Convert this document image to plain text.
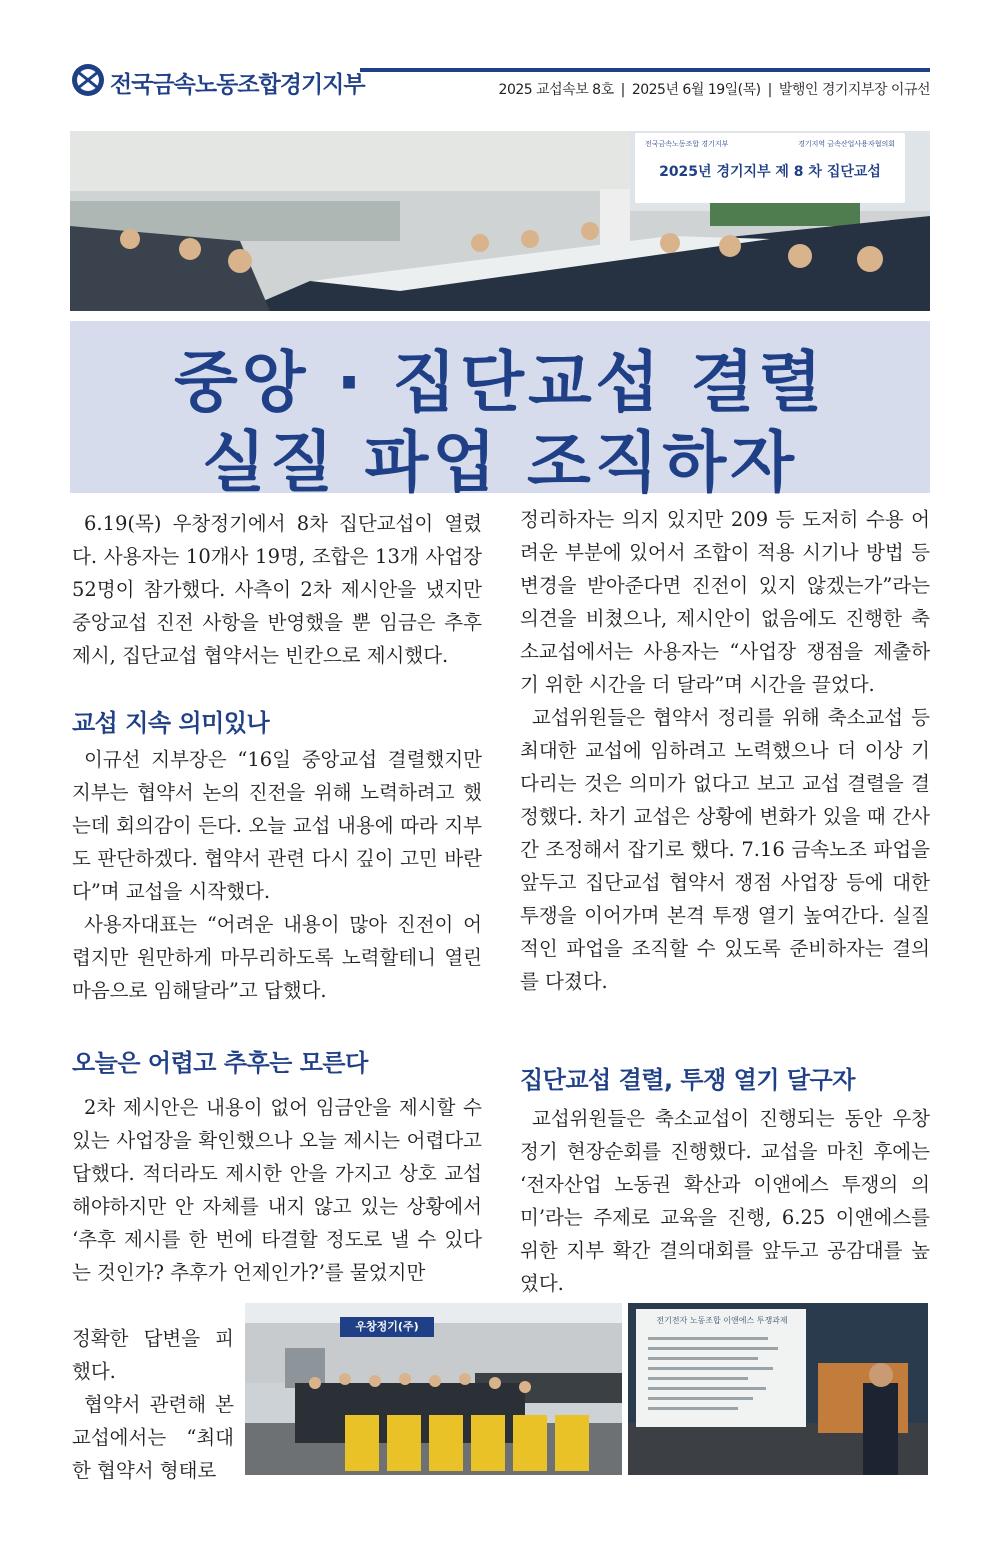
전국금속노동조합경기지부	2025 교섭속보 8호 | 2025년 6월 19일(목) | 발행인 경기지부장 이규선
전국금속노동조합 경기지부	경기지역 금속산업사용자협의회
2025년 경기지부 제 8 차 집단교섭
중앙 · 집단교섭 결렬
실질 파업 조직하자

6.19(목) 우창정기에서 8차 집단교섭이 열렸다. 사용자는 10개사 19명, 조합은 13개 사업장 52명이 참가했다. 사측이 2차 제시안을 냈지만 중앙교섭 진전 사항을 반영했을 뿐 임금은 추후 제시, 집단교섭 협약서는 빈칸으로 제시했다.

교섭 지속 의미있나

이규선 지부장은 “16일 중앙교섭 결렬했지만 지부는 협약서 논의 진전을 위해 노력하려고 했는데 회의감이 든다. 오늘 교섭 내용에 따라 지부도 판단하겠다. 협약서 관련 다시 깊이 고민 바란다”며 교섭을 시작했다.

사용자대표는 “어려운 내용이 많아 진전이 어렵지만 원만하게 마무리하도록 노력할테니 열린 마음으로 임해달라”고 답했다.

오늘은 어렵고 추후는 모른다

2차 제시안은 내용이 없어 임금안을 제시할 수 있는 사업장을 확인했으나 오늘 제시는 어렵다고 답했다. 적더라도 제시한 안을 가지고 상호 교섭해야하지만 안 자체를 내지 않고 있는 상황에서 ‘추후 제시를 한 번에 타결할 정도로 낼 수 있다는 것인가? 추후가 언제인가?’를 물었지만

정확한 답변을 피했다.

협약서 관련해 본교섭에서는 “최대한 협약서 형태로

정리하자는 의지 있지만 209 등 도저히 수용 어려운 부분에 있어서 조합이 적용 시기나 방법 등 변경을 받아준다면 진전이 있지 않겠는가”라는 의견을 비쳤으나, 제시안이 없음에도 진행한 축소교섭에서는 사용자는 “사업장 쟁점을 제출하기 위한 시간을 더 달라”며 시간을 끌었다.

교섭위원들은 협약서 정리를 위해 축소교섭 등 최대한 교섭에 임하려고 노력했으나 더 이상 기다리는 것은 의미가 없다고 보고 교섭 결렬을 결정했다. 차기 교섭은 상황에 변화가 있을 때 간사 간 조정해서 잡기로 했다. 7.16 금속노조 파업을 앞두고 집단교섭 협약서 쟁점 사업장 등에 대한 투쟁을 이어가며 본격 투쟁 열기 높여간다. 실질적인 파업을 조직할 수 있도록 준비하자는 결의를 다졌다.

집단교섭 결렬, 투쟁 열기 달구자

교섭위원들은 축소교섭이 진행되는 동안 우창정기 현장순회를 진행했다. 교섭을 마친 후에는 ‘전자산업 노동권 확산과 이앤에스 투쟁의 의미’라는 주제로 교육을 진행, 6.25 이앤에스를 위한 지부 확간 결의대회를 앞두고 공감대를 높였다.

우창정기(주)	전기전자 노동조합 이앤에스 투쟁과제
